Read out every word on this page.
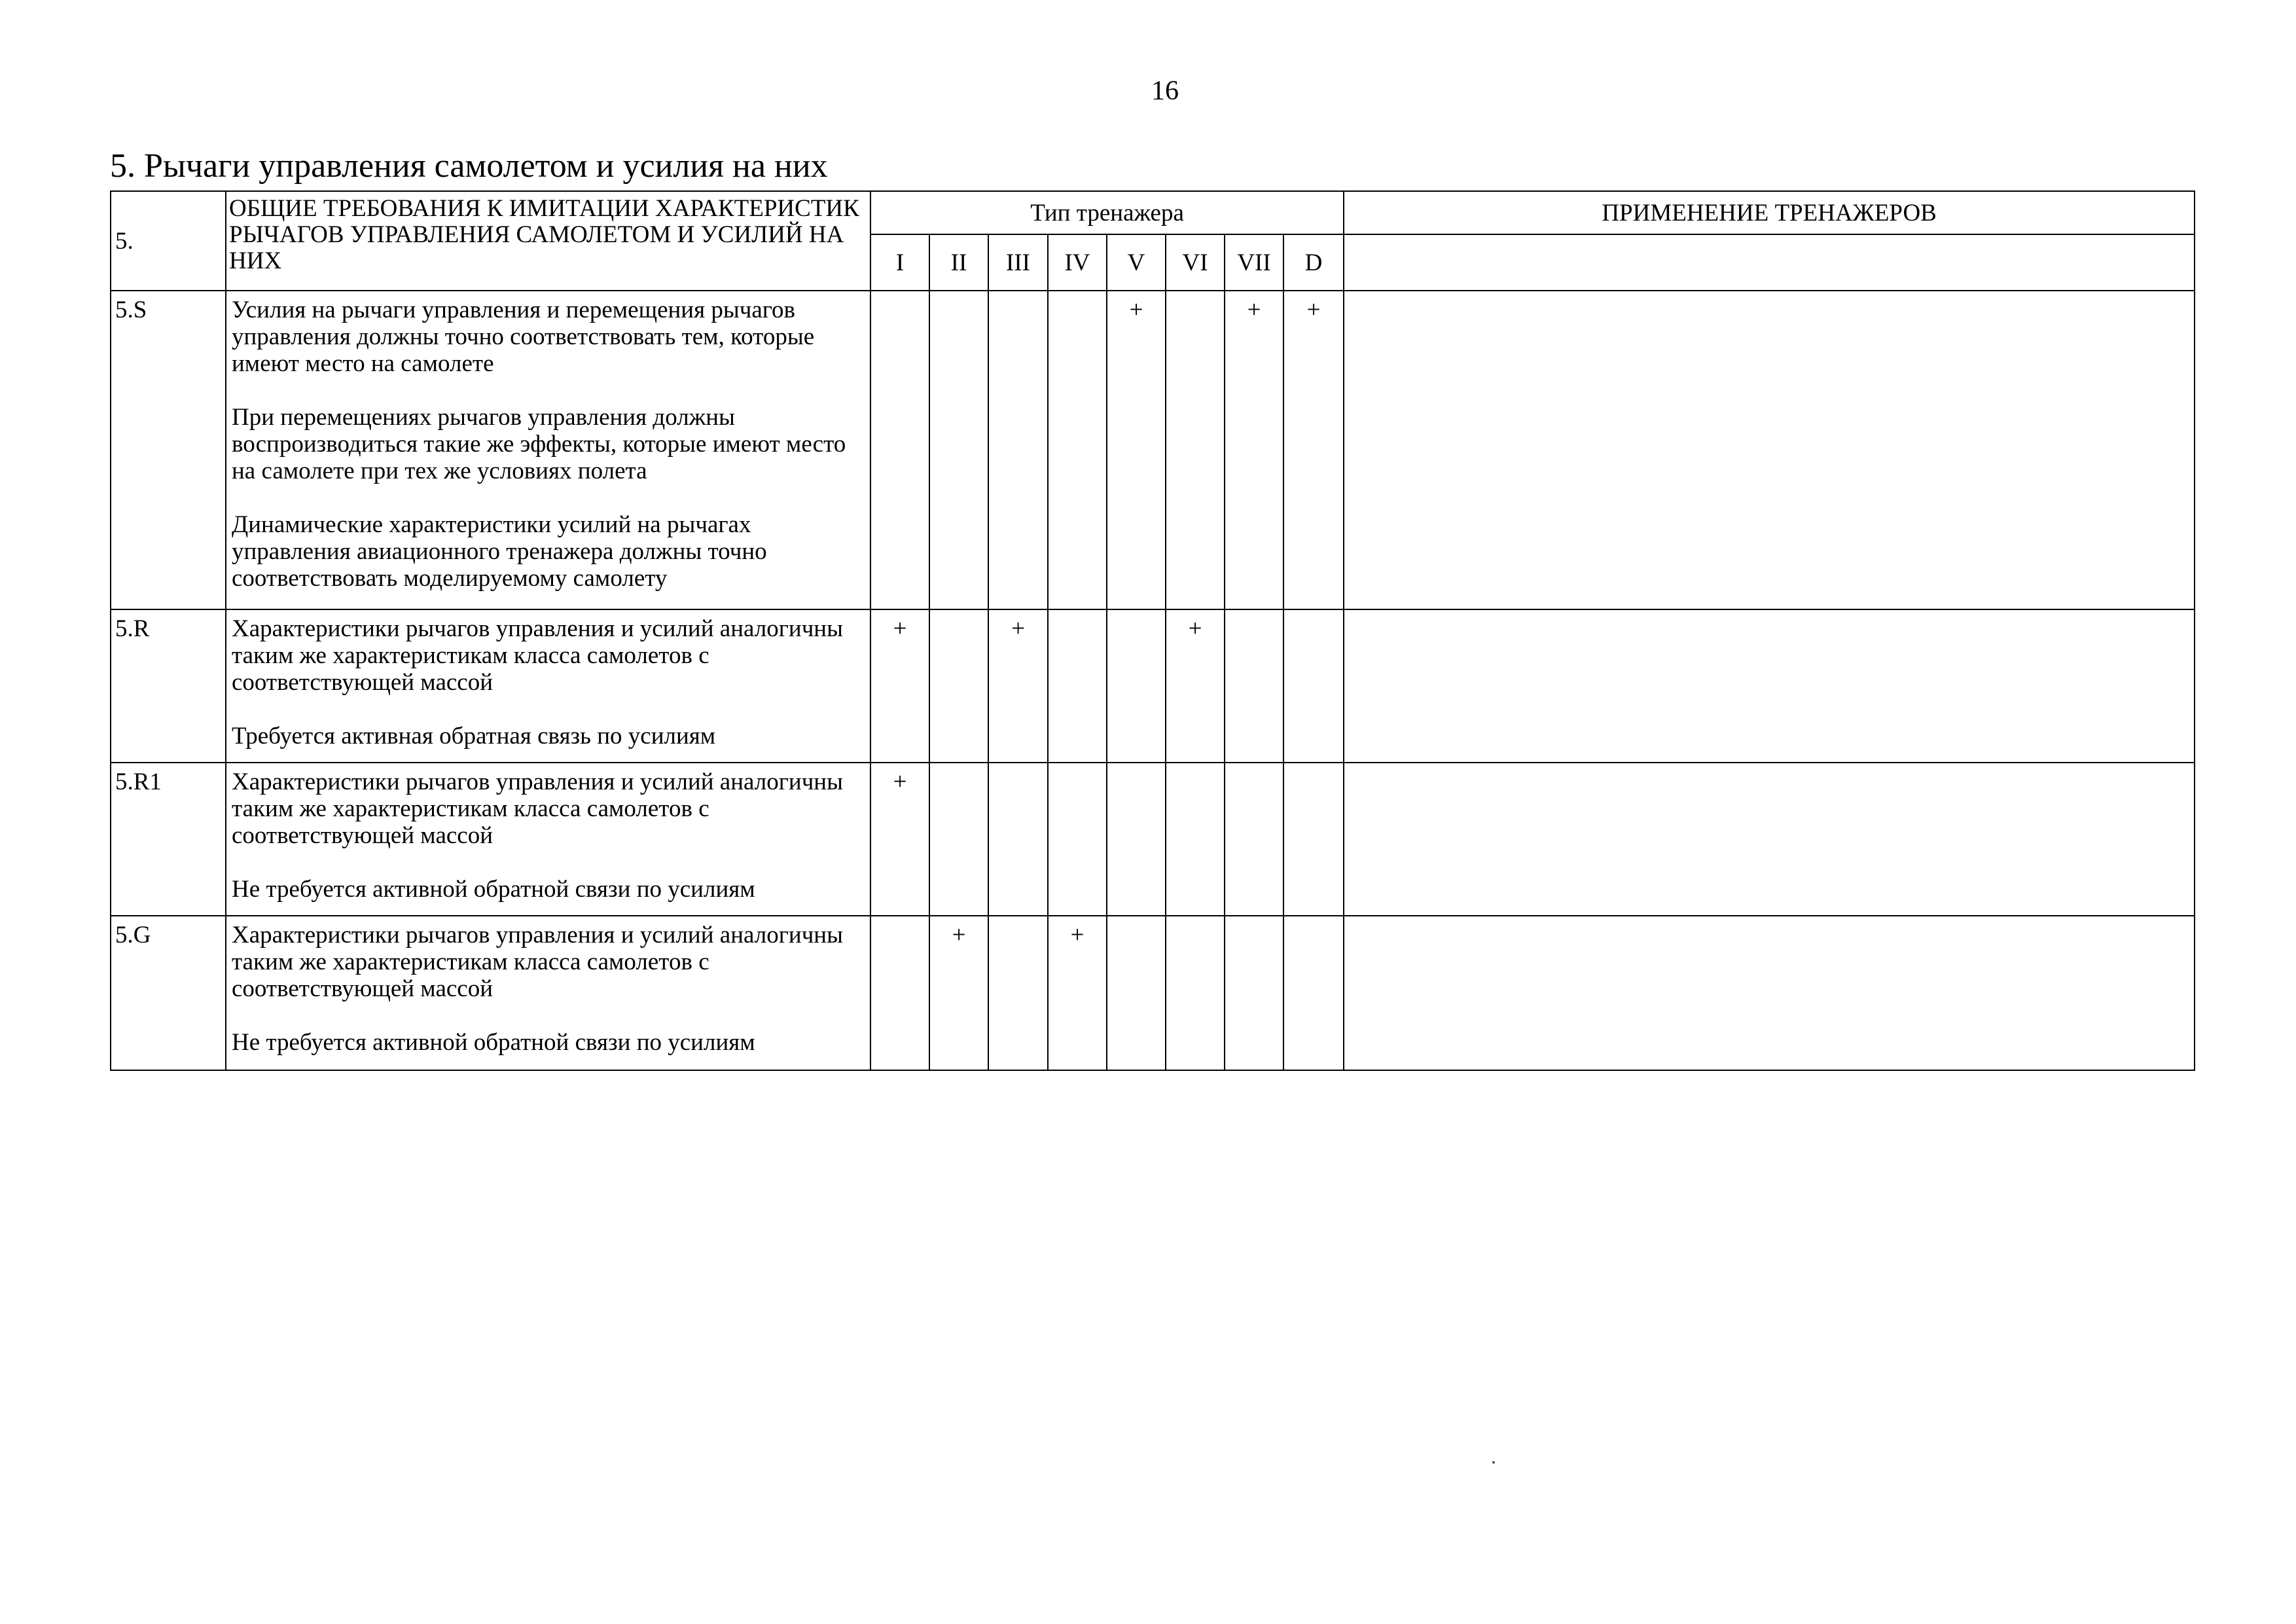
16
5. Рычаги управления самолетом и усилия на них
5.	ОБЩИЕ ТРЕБОВАНИЯ К ИМИТАЦИИ ХАРАКТЕРИСТИК РЫЧАГОВ УПРАВЛЕНИЯ САМОЛЕТОМ И УСИЛИЙ НА НИХ	Тип тренажера								ПРИМЕНЕНИЕ ТРЕНАЖЕРОВ
		I	II	III	IV	V	VI	VII	D	
5.S	Усилия на рычаги управления и перемещения рычагов управления должны точно соответствовать тем, которые имеют место на самолете

При перемещениях рычагов управления должны воспроизводиться такие же эффекты, которые имеют место на самолете при тех же условиях полета

Динамические характеристики усилий на рычагах управления авиационного тренажера должны точно соответствовать моделируемому самолету					+		+	+	
5.R	Характеристики рычагов управления и усилий аналогичны таким же характеристикам класса самолетов с соответствующей массой

Требуется активная обратная связь по усилиям	+		+			+			
5.R1	Характеристики рычагов управления и усилий аналогичны таким же характеристикам класса самолетов с соответствующей массой

Не требуется активной обратной связи по усилиям	+								
5.G	Характеристики рычагов управления и усилий аналогичны таким же характеристикам класса самолетов с соответствующей массой

Не требуется активной обратной связи по усилиям		+		+					
